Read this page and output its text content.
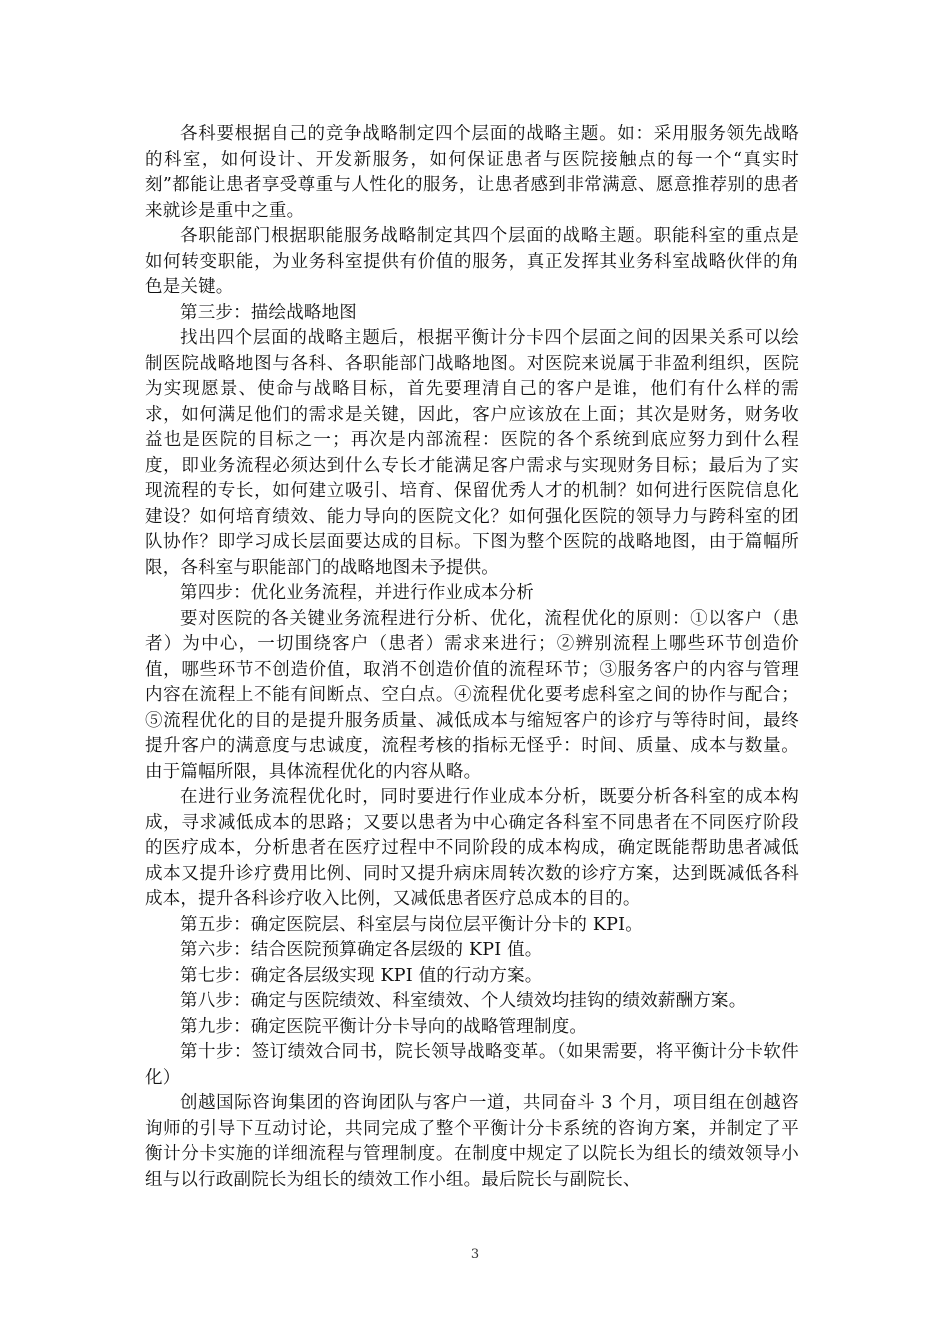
各科要根据自己的竞争战略制定四个层面的战略主题。如：采用服务领先战略的科室，如何设计、开发新服务，如何保证患者与医院接触点的每一个“真实时刻”都能让患者享受尊重与人性化的服务，让患者感到非常满意、愿意推荐别的患者来就诊是重中之重。

各职能部门根据职能服务战略制定其四个层面的战略主题。职能科室的重点是如何转变职能，为业务科室提供有价值的服务，真正发挥其业务科室战略伙伴的角色是关键。

第三步：描绘战略地图

找出四个层面的战略主题后，根据平衡计分卡四个层面之间的因果关系可以绘制医院战略地图与各科、各职能部门战略地图。对医院来说属于非盈利组织，医院为实现愿景、使命与战略目标，首先要理清自己的客户是谁，他们有什么样的需求，如何满足他们的需求是关键，因此，客户应该放在上面；其次是财务，财务收益也是医院的目标之一；再次是内部流程：医院的各个系统到底应努力到什么程度，即业务流程必须达到什么专长才能满足客户需求与实现财务目标；最后为了实现流程的专长，如何建立吸引、培育、保留优秀人才的机制？如何进行医院信息化建设？如何培育绩效、能力导向的医院文化？如何强化医院的领导力与跨科室的团队协作？即学习成长层面要达成的目标。下图为整个医院的战略地图，由于篇幅所限，各科室与职能部门的战略地图未予提供。

第四步：优化业务流程，并进行作业成本分析

要对医院的各关键业务流程进行分析、优化，流程优化的原则：①以客户（患者）为中心，一切围绕客户（患者）需求来进行；②辨别流程上哪些环节创造价值，哪些环节不创造价值，取消不创造价值的流程环节；③服务客户的内容与管理内容在流程上不能有间断点、空白点。④流程优化要考虑科室之间的协作与配合；⑤流程优化的目的是提升服务质量、减低成本与缩短客户的诊疗与等待时间，最终提升客户的满意度与忠诚度，流程考核的指标无怪乎：时间、质量、成本与数量。由于篇幅所限，具体流程优化的内容从略。

在进行业务流程优化时，同时要进行作业成本分析，既要分析各科室的成本构成，寻求减低成本的思路；又要以患者为中心确定各科室不同患者在不同医疗阶段的医疗成本，分析患者在医疗过程中不同阶段的成本构成，确定既能帮助患者减低成本又提升诊疗费用比例、同时又提升病床周转次数的诊疗方案，达到既减低各科成本，提升各科诊疗收入比例，又减低患者医疗总成本的目的。

第五步：确定医院层、科室层与岗位层平衡计分卡的 KPI。

第六步：结合医院预算确定各层级的 KPI 值。

第七步：确定各层级实现 KPI 值的行动方案。

第八步：确定与医院绩效、科室绩效、个人绩效均挂钩的绩效薪酬方案。

第九步：确定医院平衡计分卡导向的战略管理制度。

第十步：签订绩效合同书，院长领导战略变革。（如果需要，将平衡计分卡软件化）

创越国际咨询集团的咨询团队与客户一道，共同奋斗 3 个月，项目组在创越咨询师的引导下互动讨论，共同完成了整个平衡计分卡系统的咨询方案，并制定了平衡计分卡实施的详细流程与管理制度。在制度中规定了以院长为组长的绩效领导小组与以行政副院长为组长的绩效工作小组。最后院长与副院长、

3
